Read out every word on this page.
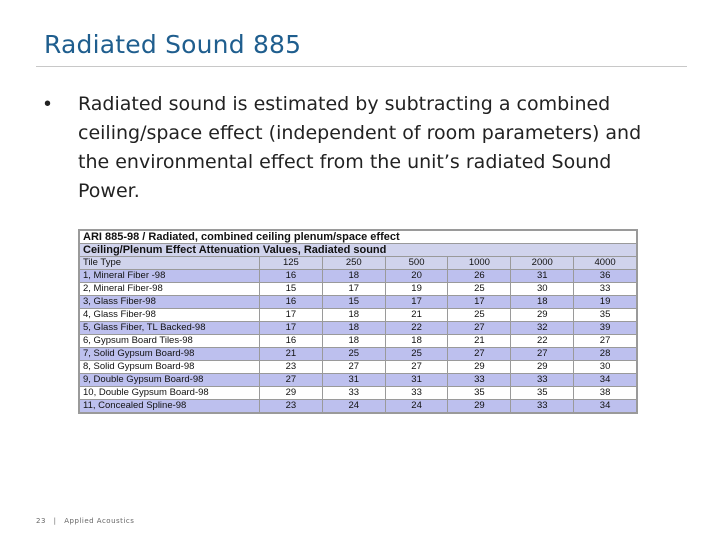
Radiated Sound 885
•	Radiated sound is estimated by subtracting a combined ceiling/space effect (independent of room parameters) and the environmental effect from the unit’s radiated Sound Power.
ARI 885-98 / Radiated, combined ceiling plenum/space effect						
Ceiling/Plenum Effect Attenuation Values, Radiated sound						
Tile Type	125	250	500	1000	2000	4000
1, Mineral Fiber -98	16	18	20	26	31	36
2, Mineral Fiber-98	15	17	19	25	30	33
3, Glass Fiber-98	16	15	17	17	18	19
4, Glass Fiber-98	17	18	21	25	29	35
5, Glass Fiber, TL Backed-98	17	18	22	27	32	39
6, Gypsum Board Tiles-98	16	18	18	21	22	27
7, Solid Gypsum Board-98	21	25	25	27	27	28
8, Solid Gypsum Board-98	23	27	27	29	29	30
9, Double Gypsum Board-98	27	31	31	33	33	34
10, Double Gypsum Board-98	29	33	33	35	35	38
11, Concealed Spline-98	23	24	24	29	33	34
23 | Applied Acoustics
